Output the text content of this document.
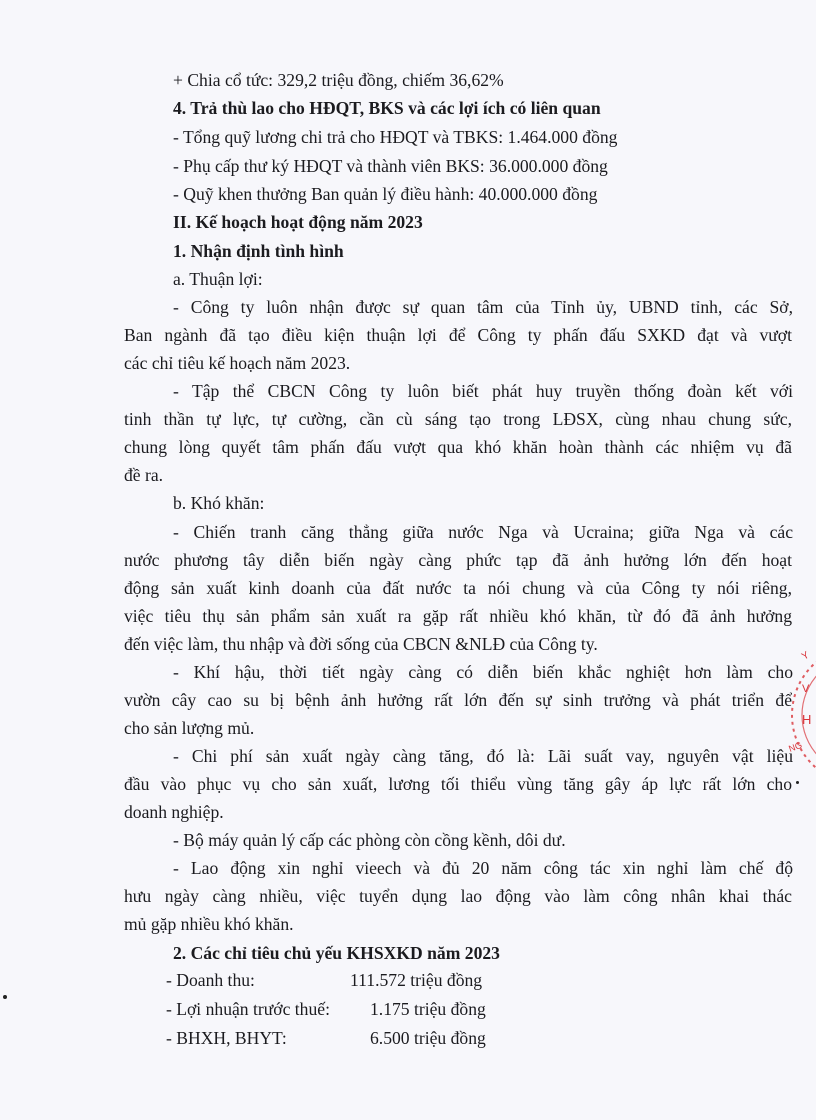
+ Chia cổ tức: 329,2 triệu đồng, chiếm 36,62%
4. Trả thù lao cho HĐQT, BKS và các lợi ích có liên quan
- Tổng quỹ lương chi trả cho HĐQT và TBKS: 1.464.000 đồng
- Phụ cấp thư ký HĐQT và thành viên BKS: 36.000.000 đồng
- Quỹ khen thưởng Ban quản lý điều hành: 40.000.000 đồng
II. Kế hoạch hoạt động năm 2023
1. Nhận định tình hình
a. Thuận lợi:
- Công ty luôn nhận được sự quan tâm của Tỉnh ủy, UBND tỉnh, các Sở,
Ban ngành đã tạo điều kiện thuận lợi để Công ty phấn đấu SXKD đạt và vượt
các chỉ tiêu kế hoạch năm 2023.
- Tập thể CBCN Công ty luôn biết phát huy truyền thống đoàn kết với
tinh thần tự lực, tự cường, cần cù sáng tạo trong LĐSX, cùng nhau chung sức,
chung lòng quyết tâm phấn đấu vượt qua khó khăn hoàn thành các nhiệm vụ đã
đề ra.
b. Khó khăn:
- Chiến tranh căng thẳng giữa nước Nga và Ucraina; giữa Nga và các
nước phương tây diễn biến ngày càng phức tạp đã ảnh hưởng lớn đến hoạt
động sản xuất kinh doanh của đất nước ta nói chung và của Công ty nói riêng,
việc tiêu thụ sản phẩm sản xuất ra gặp rất nhiều khó khăn, từ đó đã ảnh hưởng
đến việc làm, thu nhập và đời sống của CBCN &NLĐ của Công ty.
- Khí hậu, thời tiết ngày càng có diễn biến khắc nghiệt hơn làm cho
vườn cây cao su bị bệnh ảnh hưởng rất lớn đến sự sinh trưởng và phát triển để
cho sản lượng mủ.
- Chi phí sản xuất ngày càng tăng, đó là: Lãi suất vay, nguyên vật liệu
đầu vào phục vụ cho sản xuất, lương tối thiểu vùng tăng gây áp lực rất lớn cho
doanh nghiệp.
- Bộ máy quản lý cấp các phòng còn cồng kềnh, dôi dư.
- Lao động xin nghỉ vieech và đủ 20 năm công tác xin nghỉ làm chế độ
hưu ngày càng nhiều, việc tuyển dụng lao động vào làm công nhân khai thác
mủ gặp nhiều khó khăn.
2. Các chỉ tiêu chủ yếu KHSXKD năm 2023
- Doanh thu:	111.572 triệu đồng
- Lợi nhuận trước thuế: 1.175 triệu đồng
- BHXH, BHYT:	6.500 triệu đồng
Y
V
H
NG
